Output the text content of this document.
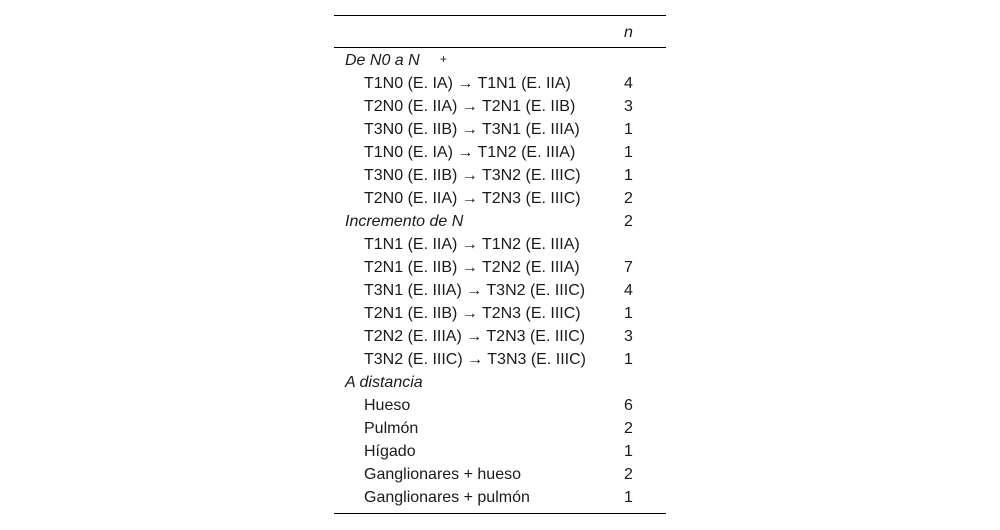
n
De N0 a N +
T1N0 (E. IA) → T1N1 (E. IIA)	4
T2N0 (E. IIA) → T2N1 (E. IIB)	3
T3N0 (E. IIB) → T3N1 (E. IIIA)	1
T1N0 (E. IA) → T1N2 (E. IIIA)	1
T3N0 (E. IIB) → T3N2 (E. IIIC)	1
T2N0 (E. IIA) → T2N3 (E. IIIC)	2
Incremento de N	2
T1N1 (E. IIA) → T1N2 (E. IIIA)
T2N1 (E. IIB) → T2N2 (E. IIIA)	7
T3N1 (E. IIIA) → T3N2 (E. IIIC) 4
T2N1 (E. IIB) → T2N3 (E. IIIC)	1
T2N2 (E. IIIA) → T2N3 (E. IIIC) 3
T3N2 (E. IIIC) → T3N3 (E. IIIC) 1
A distancia
Hueso	6
Pulmón	2
Hígado	1
Ganglionares + hueso	2
Ganglionares + pulmón	1
